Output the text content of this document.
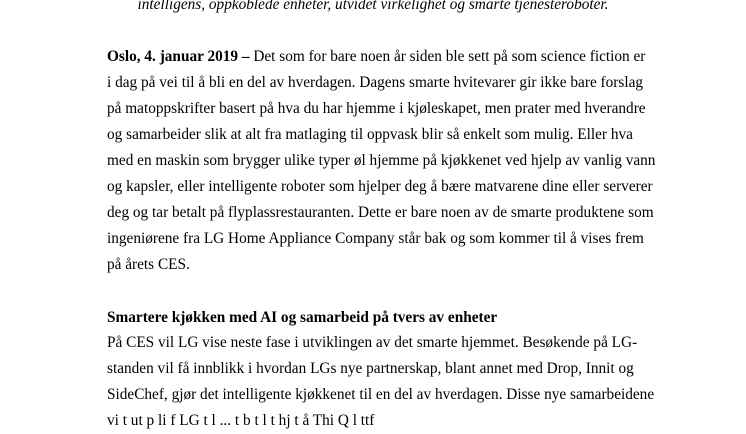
intelligens, oppkoblede enheter, utvidet virkelighet og smarte tjenesteroboter.

Oslo, 4. januar 2019 – Det som for bare noen år siden ble sett på som science fiction er
i dag på vei til å bli en del av hverdagen. Dagens smarte hvitevarer gir ikke bare forslag
på matoppskrifter basert på hva du har hjemme i kjøleskapet, men prater med hverandre
og samarbeider slik at alt fra matlaging til oppvask blir så enkelt som mulig. Eller hva
med en maskin som brygger ulike typer øl hjemme på kjøkkenet ved hjelp av vanlig vann
og kapsler, eller intelligente roboter som hjelper deg å bære matvarene dine eller serverer
deg og tar betalt på flyplassrestauranten. Dette er bare noen av de smarte produktene som
ingeniørene fra LG Home Appliance Company står bak og som kommer til å vises frem
på årets CES.

Smartere kjøkken med AI og samarbeid på tvers av enheter

På CES vil LG vise neste fase i utviklingen av det smarte hjemmet. Besøkende på LG-
standen vil få innblikk i hvordan LGs nye partnerskap, blant annet med Drop, Innit og
SideChef, gjør det intelligente kjøkkenet til en del av hverdagen. Disse nye samarbeidene
vi t ut p li f LG t l ... t b t l t hj t å Thi Q l ttf
